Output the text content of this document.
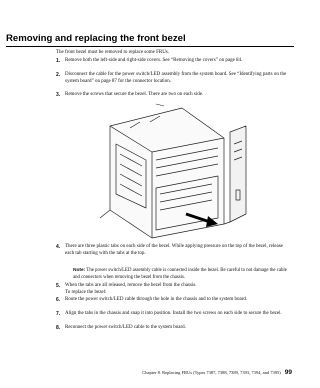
Removing and replacing the front bezel
The front bezel must be removed to replace some FRUs.
1. Remove both the left-side and right-side covers. See “Removing the covers” on page 84.
2. Disconnect the cable for the power switch/LED assembly from the system board. See “Identifying parts on the system board” on page 87 for the connector location.
3. Remove the screws that secure the bezel. There are two on each side.
4. There are three plastic tabs on each side of the bezel. While applying pressure on the top of the bezel, release each tab starting with the tabs at the top.
Note: The power switch/LED assembly cable is connected inside the bezel. Be careful to not damage the cable and connectors when removing the bezel from the chassis.
5. When the tabs are all released, remove the bezel from the chassis.
To replace the bezel:
6. Route the power switch/LED cable through the hole in the chassis and to the system board.
7. Align the tabs in the chassis and snap it into position. Install the two screws on each side to secure the bezel.
8. Reconnect the power switch/LED cable to the system board.
Chapter 8. Replacing FRUs (Types 7387, 7388, 7389, 7393, 7394, and 7395) 99
